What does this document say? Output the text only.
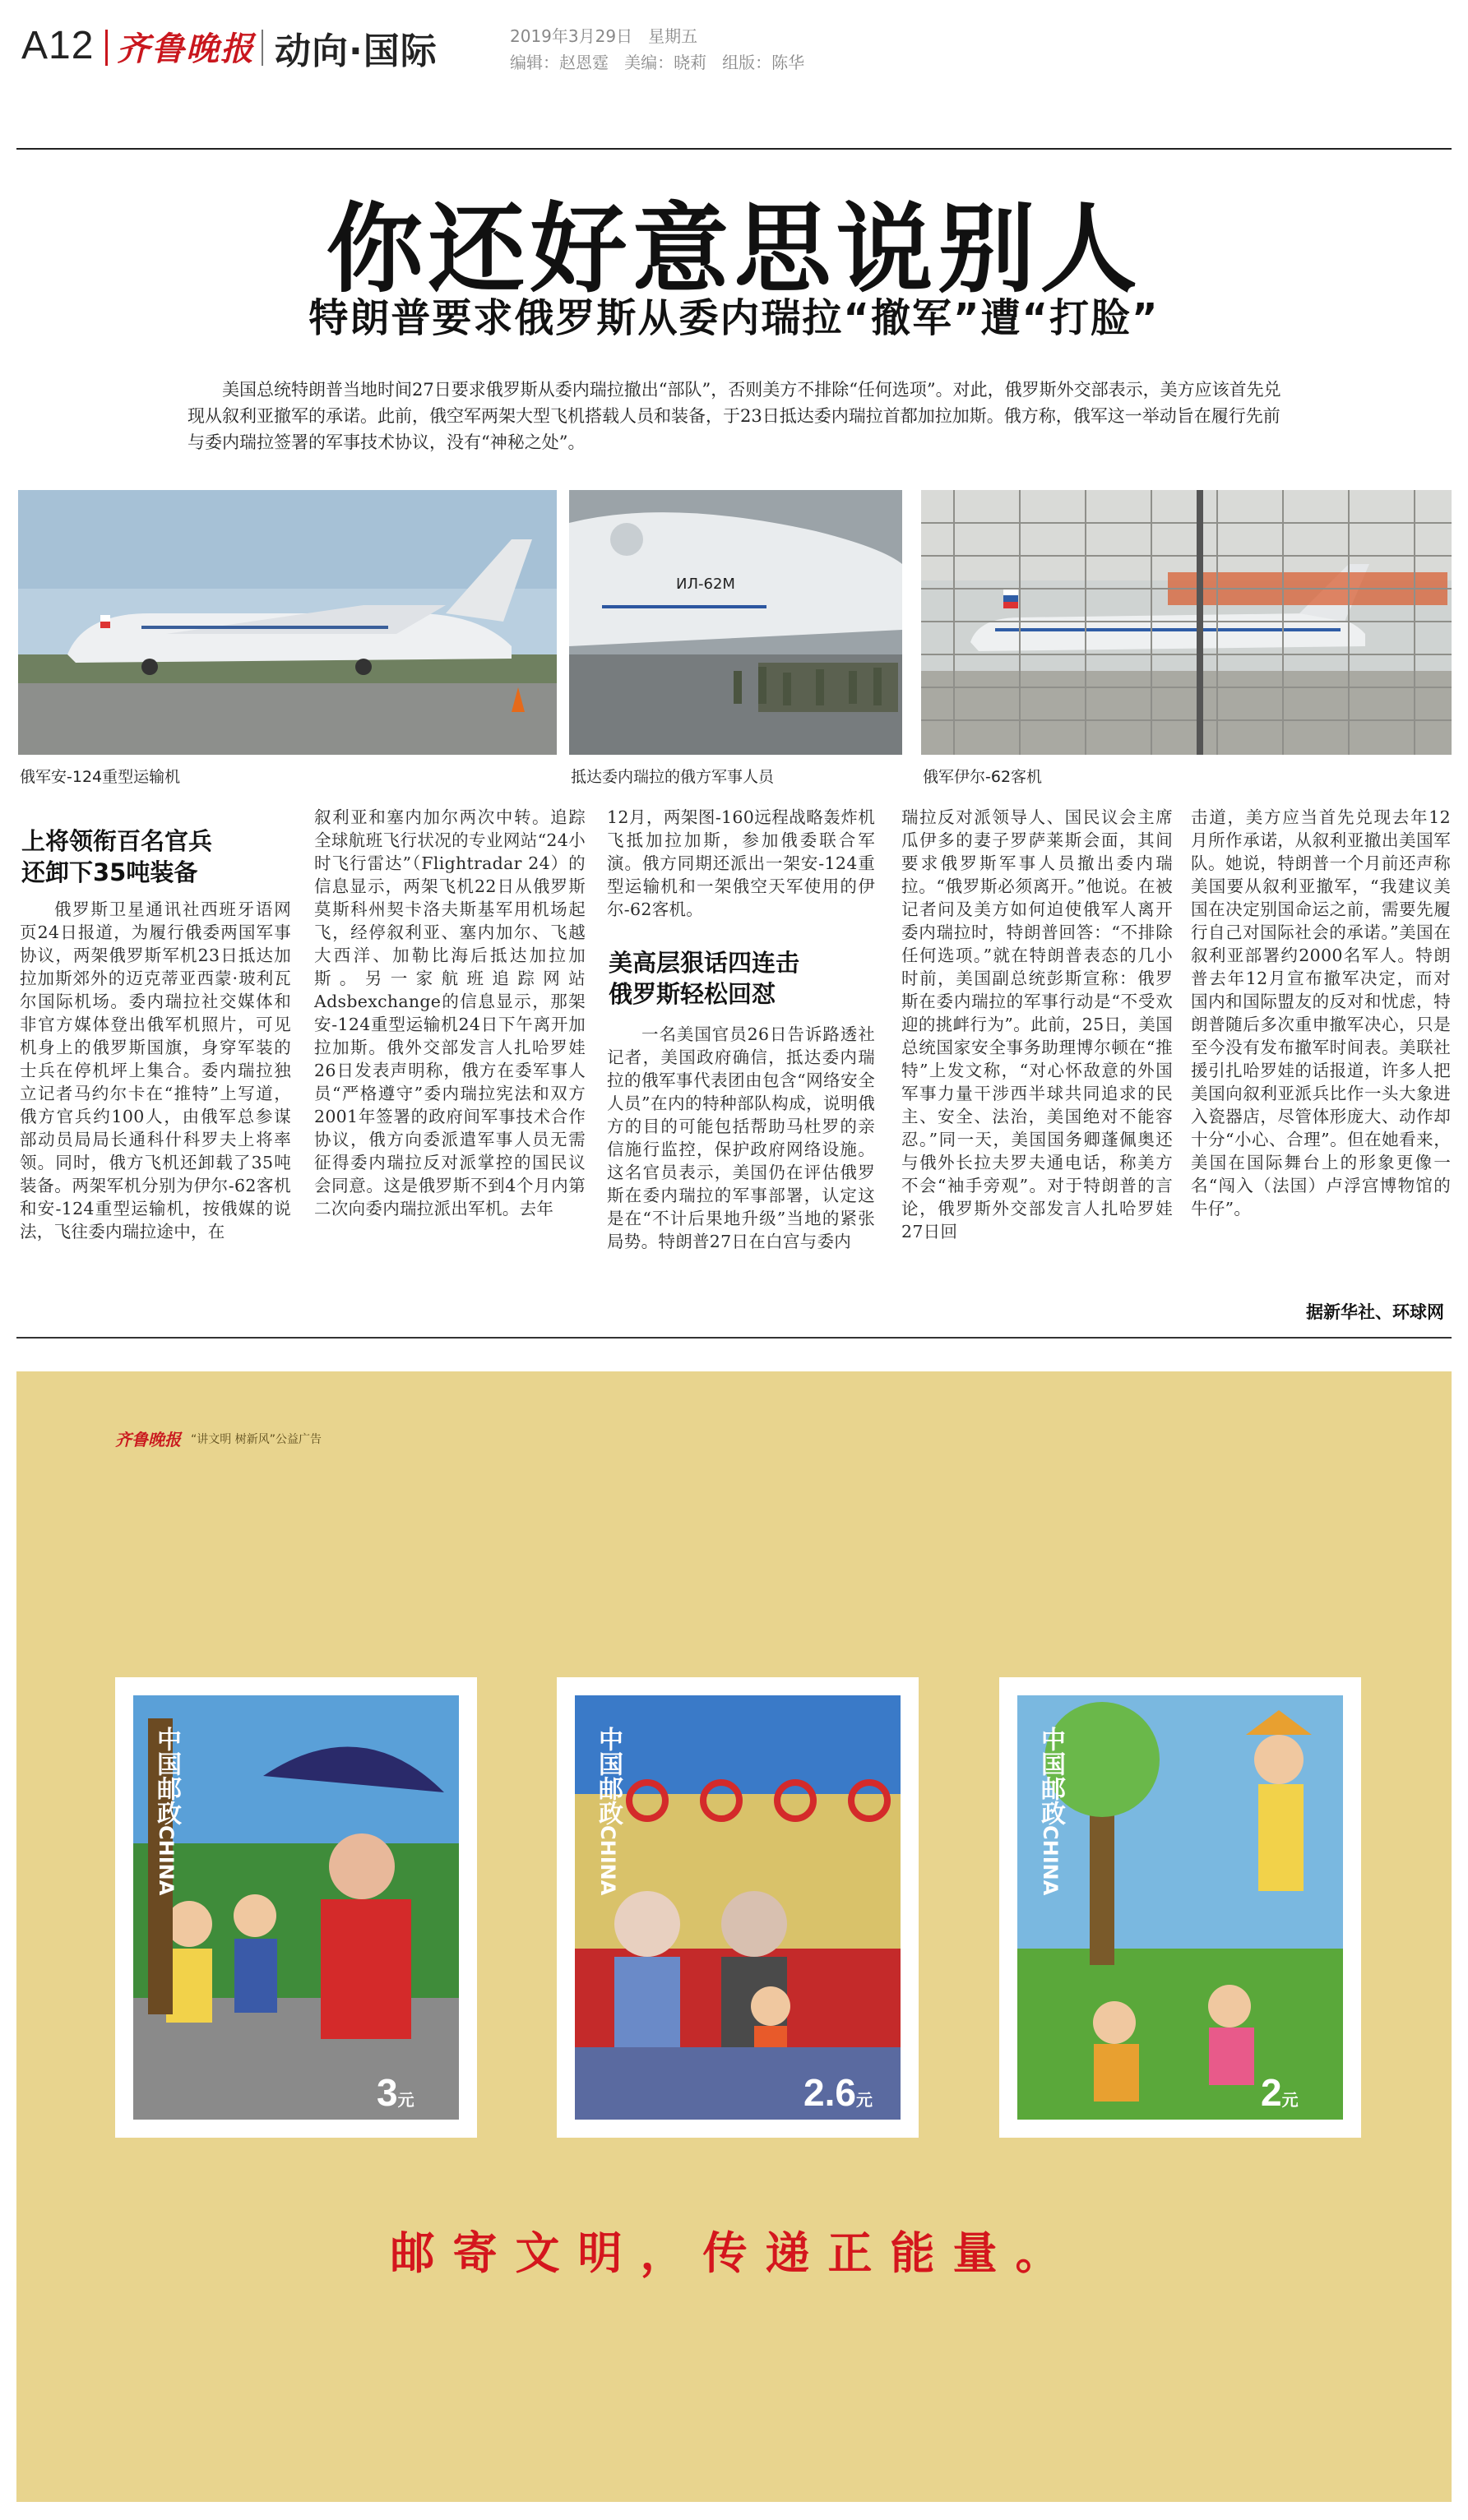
A12 齐鲁晚报 动向·国际	2019年3月29日 星期五
编辑：赵恩霆 美编：晓莉 组版：陈华
你还好意思说别人
特朗普要求俄罗斯从委内瑞拉“撤军”遭“打脸”
美国总统特朗普当地时间27日要求俄罗斯从委内瑞拉撤出“部队”，否则美方不排除“任何选项”。对此，俄罗斯外交部表示，美方应该首先兑现从叙利亚撤军的承诺。此前，俄空军两架大型飞机搭载人员和装备，于23日抵达委内瑞拉首都加拉加斯。俄方称，俄军这一举动旨在履行先前与委内瑞拉签署的军事技术协议，没有“神秘之处”。
俄军安-124重型运输机
ИЛ-62М
抵达委内瑞拉的俄方军事人员	俄军伊尔-62客机
上将领衔百名官兵
还卸下35吨装备
俄罗斯卫星通讯社西班牙语网页24日报道，为履行俄委两国军事协议，两架俄罗斯军机23日抵达加拉加斯郊外的迈克蒂亚西蒙·玻利瓦尔国际机场。委内瑞拉社交媒体和非官方媒体登出俄军机照片，可见机身上的俄罗斯国旗，身穿军装的士兵在停机坪上集合。委内瑞拉独立记者马约尔卡在“推特”上写道，俄方官兵约100人，由俄军总参谋部动员局局长通科什科罗夫上将率领。同时，俄方飞机还卸载了35吨装备。两架军机分别为伊尔-62客机和安-124重型运输机，按俄媒的说法，飞往委内瑞拉途中，在
叙利亚和塞内加尔两次中转。追踪全球航班飞行状况的专业网站“24小时飞行雷达”（Flightradar 24）的信息显示，两架飞机22日从俄罗斯莫斯科州契卡洛夫斯基军用机场起飞，经停叙利亚、塞内加尔、飞越大西洋、加勒比海后抵达加拉加斯。另一家航班追踪网站Adsbexchange的信息显示，那架安-124重型运输机24日下午离开加拉加斯。俄外交部发言人扎哈罗娃26日发表声明称，俄方在委军事人员“严格遵守”委内瑞拉宪法和双方2001年签署的政府间军事技术合作协议，俄方向委派遣军事人员无需征得委内瑞拉反对派掌控的国民议会同意。这是俄罗斯不到4个月内第二次向委内瑞拉派出军机。去年
12月，两架图-160远程战略轰炸机飞抵加拉加斯，参加俄委联合军演。俄方同期还派出一架安-124重型运输机和一架俄空天军使用的伊尔-62客机。
美高层狠话四连击
俄罗斯轻松回怼
一名美国官员26日告诉路透社记者，美国政府确信，抵达委内瑞拉的俄军事代表团由包含“网络安全人员”在内的特种部队构成，说明俄方的目的可能包括帮助马杜罗的亲信施行监控，保护政府网络设施。这名官员表示，美国仍在评估俄罗斯在委内瑞拉的军事部署，认定这是在“不计后果地升级”当地的紧张局势。特朗普27日在白宫与委内
瑞拉反对派领导人、国民议会主席瓜伊多的妻子罗萨莱斯会面，其间要求俄罗斯军事人员撤出委内瑞拉。“俄罗斯必须离开。”他说。在被记者问及美方如何迫使俄军人离开委内瑞拉时，特朗普回答：“不排除任何选项。”就在特朗普表态的几小时前，美国副总统彭斯宣称：俄罗斯在委内瑞拉的军事行动是“不受欢迎的挑衅行为”。此前，25日，美国总统国家安全事务助理博尔顿在“推特”上发文称，“对心怀敌意的外国军事力量干涉西半球共同追求的民主、安全、法治，美国绝对不能容忍。”同一天，美国国务卿蓬佩奥还与俄外长拉夫罗夫通电话，称美方不会“袖手旁观”。对于特朗普的言论，俄罗斯外交部发言人扎哈罗娃27日回
击道，美方应当首先兑现去年12月所作承诺，从叙利亚撤出美国军队。她说，特朗普一个月前还声称美国要从叙利亚撤军，“我建议美国在决定别国命运之前，需要先履行自己对国际社会的承诺。”美国在叙利亚部署约2000名军人。特朗普去年12月宣布撤军决定，而对国内和国际盟友的反对和忧虑，特朗普随后多次重申撤军决心，只是至今没有发布撤军时间表。美联社援引扎哈罗娃的话报道，许多人把美国向叙利亚派兵比作一头大象进入瓷器店，尽管体形庞大、动作却十分“小心、合理”。但在她看来，美国在国际舞台上的形象更像一名“闯入（法国）卢浮宫博物馆的牛仔”。
据新华社、环球网
齐鲁晚报 “讲文明 树新风”公益广告
中国邮政CHINA
3元
中国邮政CHINA
2.6元
中国邮政CHINA
2元
邮寄文明，传递正能量。
